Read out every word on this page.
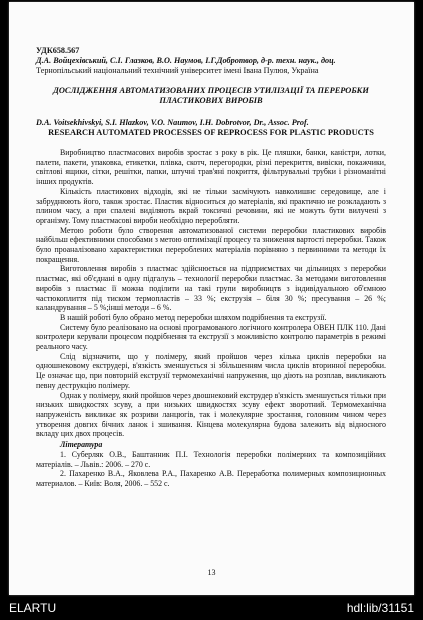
УДК658.567
Д.А. Войцехівський, С.І. Глазков, В.О. Наумов, І.Г.Добротвор, д-р. техн. наук., доц.
Тернопільський національний технічний університет імені Івана Пулюя, Україна
ДОСЛІДЖЕННЯ АВТОМАТИЗОВАНИХ ПРОЦЕСІВ УТИЛІЗАЦІЇ ТА ПЕРЕРОБКИ ПЛАСТИКОВИХ ВИРОБІВ
D.A. Voitsekhivskyi, S.I. Hlazkov, V.O. Naumov, I.H. Dobrotvor, Dr., Assoc. Prof.
RESEARCH AUTOMATED PROCESSES OF REPROCESS FOR PLASTIC PRODUCTS

Виробництво пластмасових виробів зростає з року в рік. Це пляшки, банки, каністри, лотки, палети, пакети, упаковка, етикетки, плівка, скотч, перегородки, різні перекриття, вивіски, покажчики, світлові ящики, сітки, решітки, папки, штучні трав'яні покриття, фільтрувальні трубки і різноманітні інших продуктів.

Кількість пластикових відходів, які не тільки засмічують навколишнє середовище, але і забруднюють його, також зростає. Пластик відноситься до матеріалів, які практично не розкладають з плином часу, а при спалені виділяють вкрай токсичні речовини, які не можуть бути вилучені з організму. Тому пластмасові вироби необхідно переробляти.

Метою роботи було створення автоматизованої системи переробки пластикових виробів найбільш ефективними способами з метою оптимізації процесу та зниження вартості переробки. Також було проаналізовано характеристики перероблених матеріалів порівняно з первинними та методи їх покращення.

Виготовлення виробів з пластмас здійснюється на підприємствах чи дільницях з переробки пластмас, які об'єднані в одну підгалузь – технології переробки пластмас. За методами виготовлення виробів з пластмас її можна поділити на такі групи виробництв з індивідуальною об'ємною частюкоплиття під тиском термопластів – 33 %; екструзія – біля 30 %; пресування – 26 %; каландрування – 5 %;інші методи – 6 %.

В нашій роботі було обрано метод переробки шляхом подрібнення та екструзії.

Систему було реалізовано на основі програмованого логічного контролера ОВЕН ПЛК 110. Дані контролери керували процесом подрібнення та екструзії з можливістю контролю параметрів в режимі реального часу.

Слід відзначити, що у полімеру, який пройшов через кілька циклів переробки на одношнековому екструдері, в'язкість зменшується зі збільшенням числа циклів вторинної переробки. Це означає що, при повторній екструзії термомеханічні напруження, що діють на розплав, викликають певну деструкцію полімеру.

Однак у полімеру, який пройшов через двошнековий екструдер в'язкість зменшується тільки при низьких швидкостях зсуву, а при низьких швидкостях зсуву ефект зворотний. Термомеханічна напруженість викликає як розриви ланцюгів, так і молекулярне зростання, головним чином через утворення довгих бічних ланок і зшивання. Кінцева молекулярна будова залежить від відносного вкладу цих двох процесів.

Література
1. Суберляк О.В., Баштанник П.І. Технологія переробки полімерних та композиційних матеріалів. – Львів.: 2006. – 270 с.
2. Пахаренко В.А., Яковлева Р.А., Пахаренко А.В. Переработка полимерных композиционных материалов. – Київ: Воля, 2006. – 552 с.
13
ELARTU	hdl:lib/31151
